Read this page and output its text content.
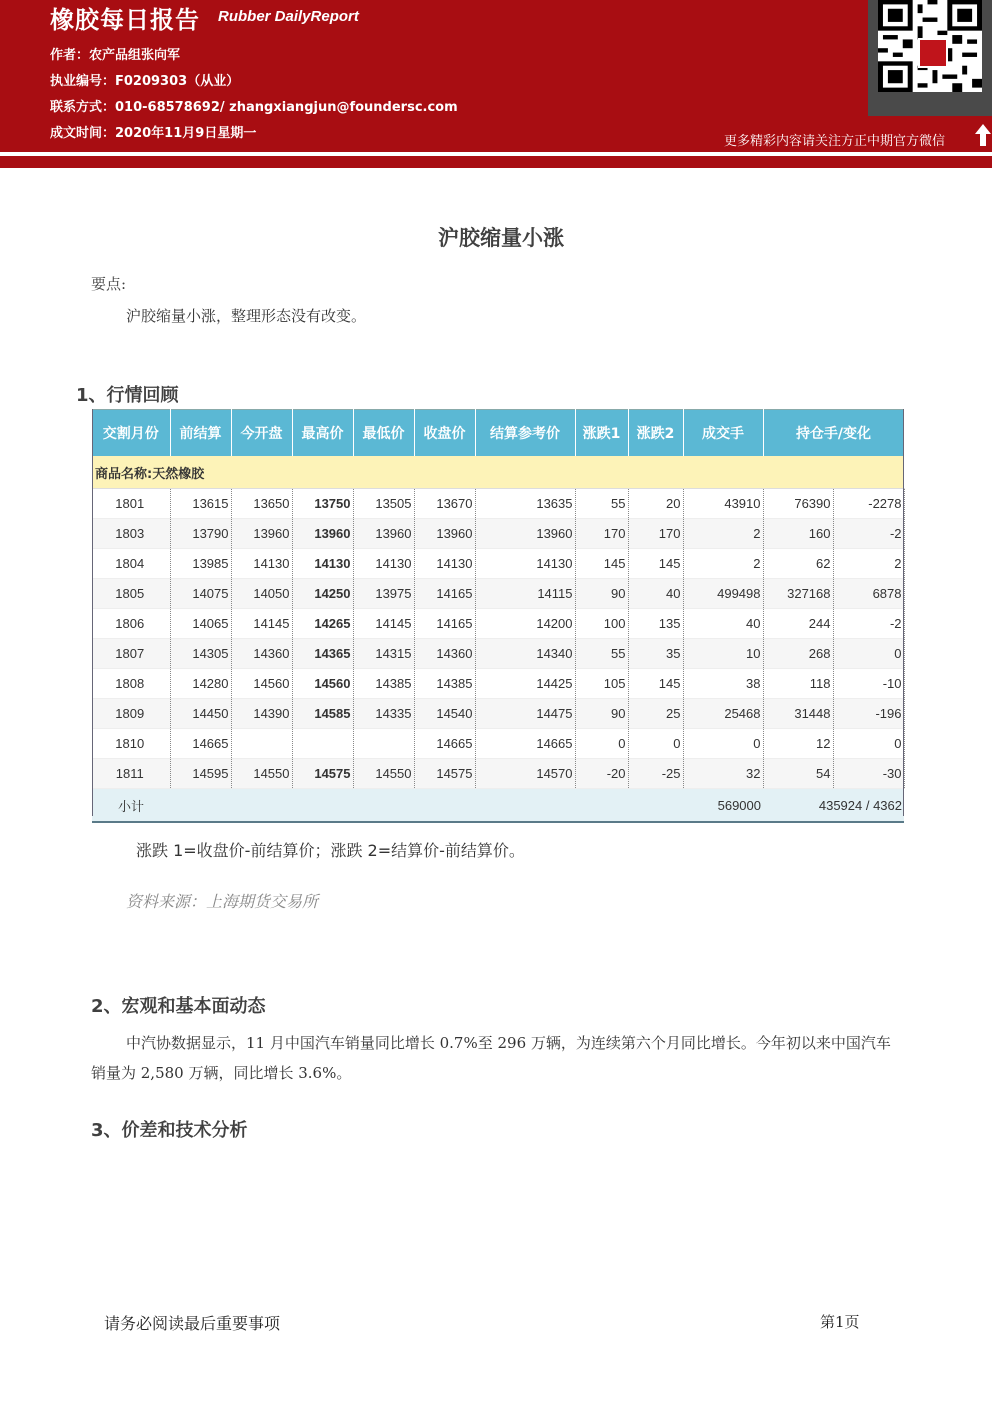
橡胶每日报告 Rubber DailyReport
作者：农产品组张向军
执业编号：F0209303（从业）
联系方式：010-68578692/ zhangxiangjun@foundersc.com
成文时间：2020年11月9日星期一
更多精彩内容请关注方正中期官方微信
沪胶缩量小涨
要点:
沪胶缩量小涨，整理形态没有改变。
1、行情回顾
交割月份	前结算	今开盘	最高价	最低价	收盘价	结算参考价	涨跌1	涨跌2	成交手	持仓手/变化	
商品名称:天然橡胶											
1801	13615	13650	13750	13505	13670	13635	55	20	43910	76390	-2278
1803	13790	13960	13960	13960	13960	13960	170	170	2	160	-2
1804	13985	14130	14130	14130	14130	14130	145	145	2	62	2
1805	14075	14050	14250	13975	14165	14115	90	40	499498	327168	6878
1806	14065	14145	14265	14145	14165	14200	100	135	40	244	-2
1807	14305	14360	14365	14315	14360	14340	55	35	10	268	0
1808	14280	14560	14560	14385	14385	14425	105	145	38	118	-10
1809	14450	14390	14585	14335	14540	14475	90	25	25468	31448	-196
1810	14665				14665	14665	0	0	0	12	0
1811	14595	14550	14575	14550	14575	14570	-20	-25	32	54	-30
小计									569000	435924 / 4362	
涨跌 1=收盘价-前结算价；涨跌 2=结算价-前结算价。
资料来源：上海期货交易所
2、宏观和基本面动态
中汽协数据显示，11 月中国汽车销量同比增长 0.7%至 296 万辆，为连续第六个月同比增长。今年初以来中国汽车销量为 2,580 万辆，同比增长 3.6%。
3、价差和技术分析
请务必阅读最后重要事项	第1页
